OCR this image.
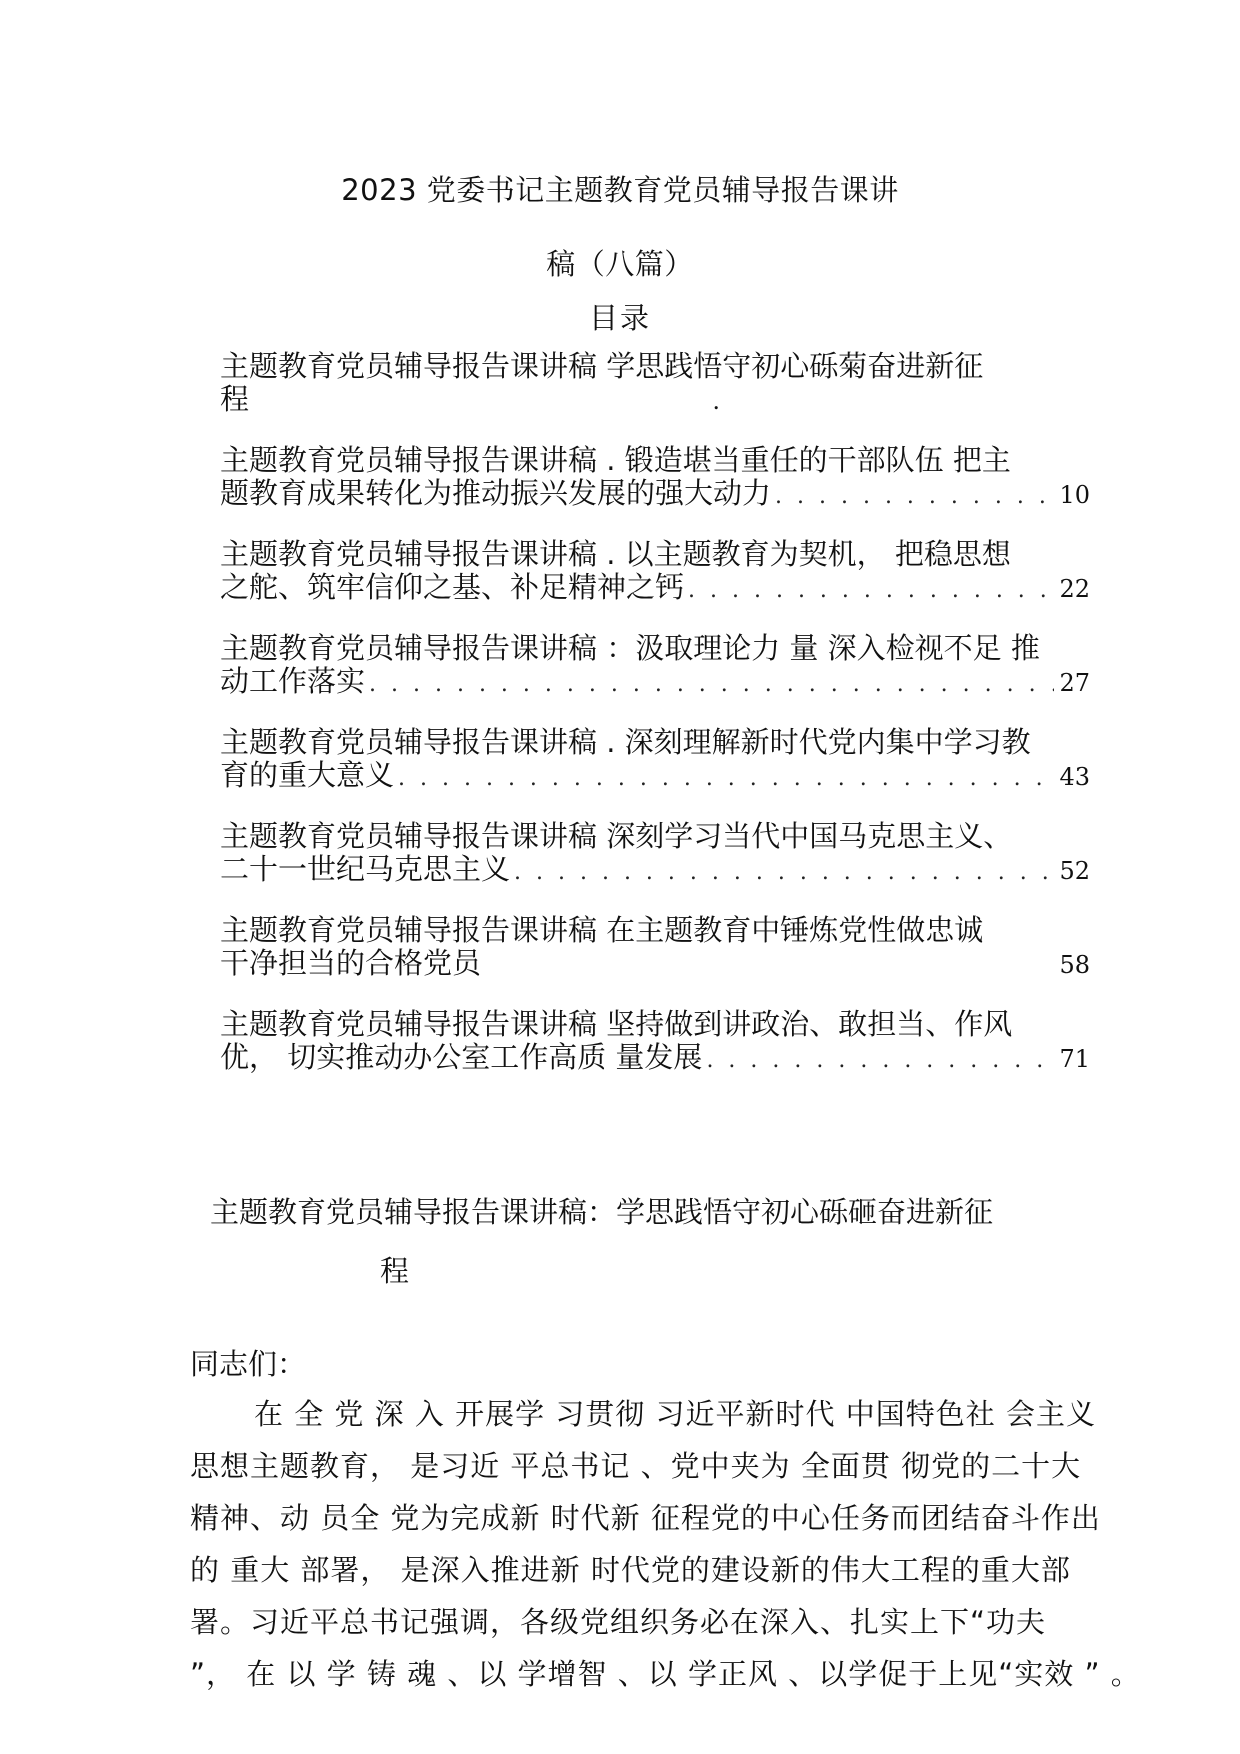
2023 党委书记主题教育党员辅导报告课讲
稿（八篇）
目录
主题教育党员辅导报告课讲稿 学思践悟守初心砾菊奋进新征
程	.
主题教育党员辅导报告课讲稿 . 锻造堪当重任的干部队伍 把主
题教育成果转化为推动振兴发展的强大动力 . . .	10
主题教育党员辅导报告课讲稿 . 以主题教育为契机， 把稳思想
之舵、筑牢信仰之基、补足精神之钙 . . .	22
主题教育党员辅导报告课讲稿 ：汲取理论力 量 深入检视不足 推
动工作落实 . . .	27
主题教育党员辅导报告课讲稿 . 深刻理解新时代党内集中学习教
育的重大意义 . . .	43
主题教育党员辅导报告课讲稿 深刻学习当代中国马克思主义、
二十一世纪马克思主义 . . .	52
主题教育党员辅导报告课讲稿 在主题教育中锤炼党性做忠诚
干净担当的合格党员	58
主题教育党员辅导报告课讲稿 坚持做到讲政治、敢担当、作风
优， 切实推动办公室工作高质 量发展 . . .	71
主题教育党员辅导报告课讲稿：学思践悟守初心砾砸奋进新征
程
同志们：
在 全 党 深 入 开展学 习贯彻 习近平新时代 中国特色社 会主义
思想主题教育， 是习近 平总书记 、党中夹为 全面贯 彻党的二十大
精神、动 员全 党为完成新 时代新 征程党的中心任务而团结奋斗作出
的 重大 部署， 是深入推进新 时代党的建设新的伟大工程的重大部
署。习近平总书记强调，各级党组织务必在深入、扎实上下“功夫
”， 在 以 学 铸 魂 、以 学增智 、以 学正风 、以学促于上见“实效 ” 。
